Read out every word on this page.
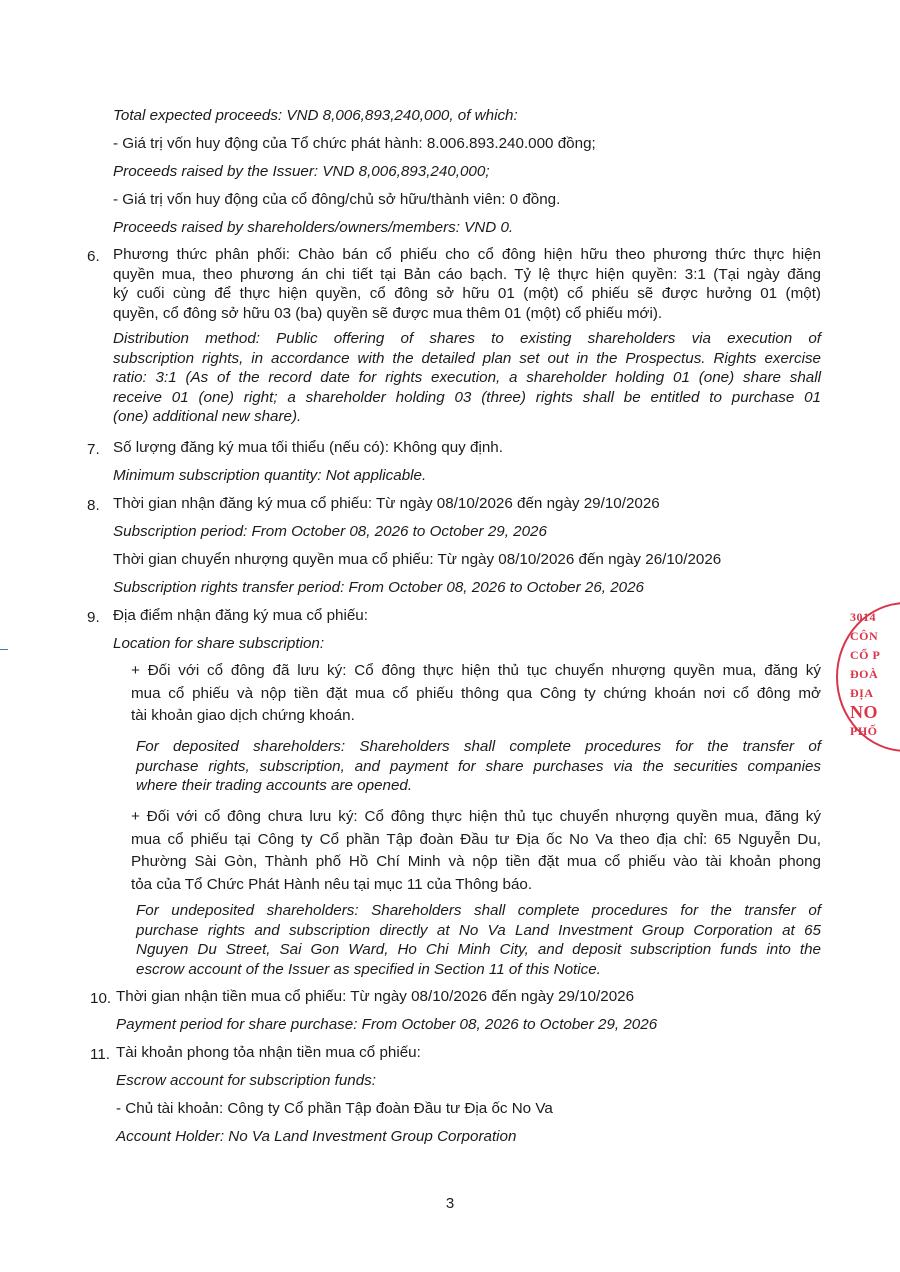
Total expected proceeds: VND 8,006,893,240,000, of which:
- Giá trị vốn huy động của Tổ chức phát hành: 8.006.893.240.000 đồng;
Proceeds raised by the Issuer: VND 8,006,893,240,000;
- Giá trị vốn huy động của cổ đông/chủ sở hữu/thành viên: 0 đồng.
Proceeds raised by shareholders/owners/members: VND 0.
6. Phương thức phân phối: Chào bán cổ phiếu cho cổ đông hiện hữu theo phương thức thực hiện
quyền mua, theo phương án chi tiết tại Bản cáo bạch. Tỷ lệ thực hiện quyền: 3:1 (Tại ngày đăng
ký cuối cùng để thực hiện quyền, cổ đông sở hữu 01 (một) cổ phiếu sẽ được hưởng 01 (một)
quyền, cổ đông sở hữu 03 (ba) quyền sẽ được mua thêm 01 (một) cổ phiếu mới).
Distribution method: Public offering of shares to existing shareholders via execution of
subscription rights, in accordance with the detailed plan set out in the Prospectus. Rights exercise
ratio: 3:1 (As of the record date for rights execution, a shareholder holding 01 (one) share shall
receive 01 (one) right; a shareholder holding 03 (three) rights shall be entitled to purchase 01
(one) additional new share).
7. Số lượng đăng ký mua tối thiểu (nếu có): Không quy định.
Minimum subscription quantity: Not applicable.
8. Thời gian nhận đăng ký mua cổ phiếu: Từ ngày 08/10/2026 đến ngày 29/10/2026
Subscription period: From October 08, 2026 to October 29, 2026
Thời gian chuyển nhượng quyền mua cổ phiếu: Từ ngày 08/10/2026 đến ngày 26/10/2026
Subscription rights transfer period: From October 08, 2026 to October 26, 2026
9. Địa điểm nhận đăng ký mua cổ phiếu:
Location for share subscription:
+ Đối với cổ đông đã lưu ký: Cổ đông thực hiện thủ tục chuyển nhượng quyền mua, đăng ký
mua cổ phiếu và nộp tiền đặt mua cổ phiếu thông qua Công ty chứng khoán nơi cổ đông mở
tài khoản giao dịch chứng khoán.
For deposited shareholders: Shareholders shall complete procedures for the transfer of
purchase rights, subscription, and payment for share purchases via the securities companies
where their trading accounts are opened.
+ Đối với cổ đông chưa lưu ký: Cổ đông thực hiện thủ tục chuyển nhượng quyền mua, đăng ký
mua cổ phiếu tại Công ty Cổ phần Tập đoàn Đầu tư Địa ốc No Va theo địa chỉ: 65 Nguyễn Du,
Phường Sài Gòn, Thành phố Hồ Chí Minh và nộp tiền đặt mua cổ phiếu vào tài khoản phong
tỏa của Tổ Chức Phát Hành nêu tại mục 11 của Thông báo.
For undeposited shareholders: Shareholders shall complete procedures for the transfer of
purchase rights and subscription directly at No Va Land Investment Group Corporation at 65
Nguyen Du Street, Sai Gon Ward, Ho Chi Minh City, and deposit subscription funds into the
escrow account of the Issuer as specified in Section 11 of this Notice.
10. Thời gian nhận tiền mua cổ phiếu: Từ ngày 08/10/2026 đến ngày 29/10/2026
Payment period for share purchase: From October 08, 2026 to October 29, 2026
11. Tài khoản phong tỏa nhận tiền mua cổ phiếu:
Escrow account for subscription funds:
- Chủ tài khoản: Công ty Cổ phần Tập đoàn Đầu tư Địa ốc No Va
Account Holder: No Va Land Investment Group Corporation
3
3014
CÔN
CỔ P
ĐOÀ
ĐỊA
NO
PHỐ
